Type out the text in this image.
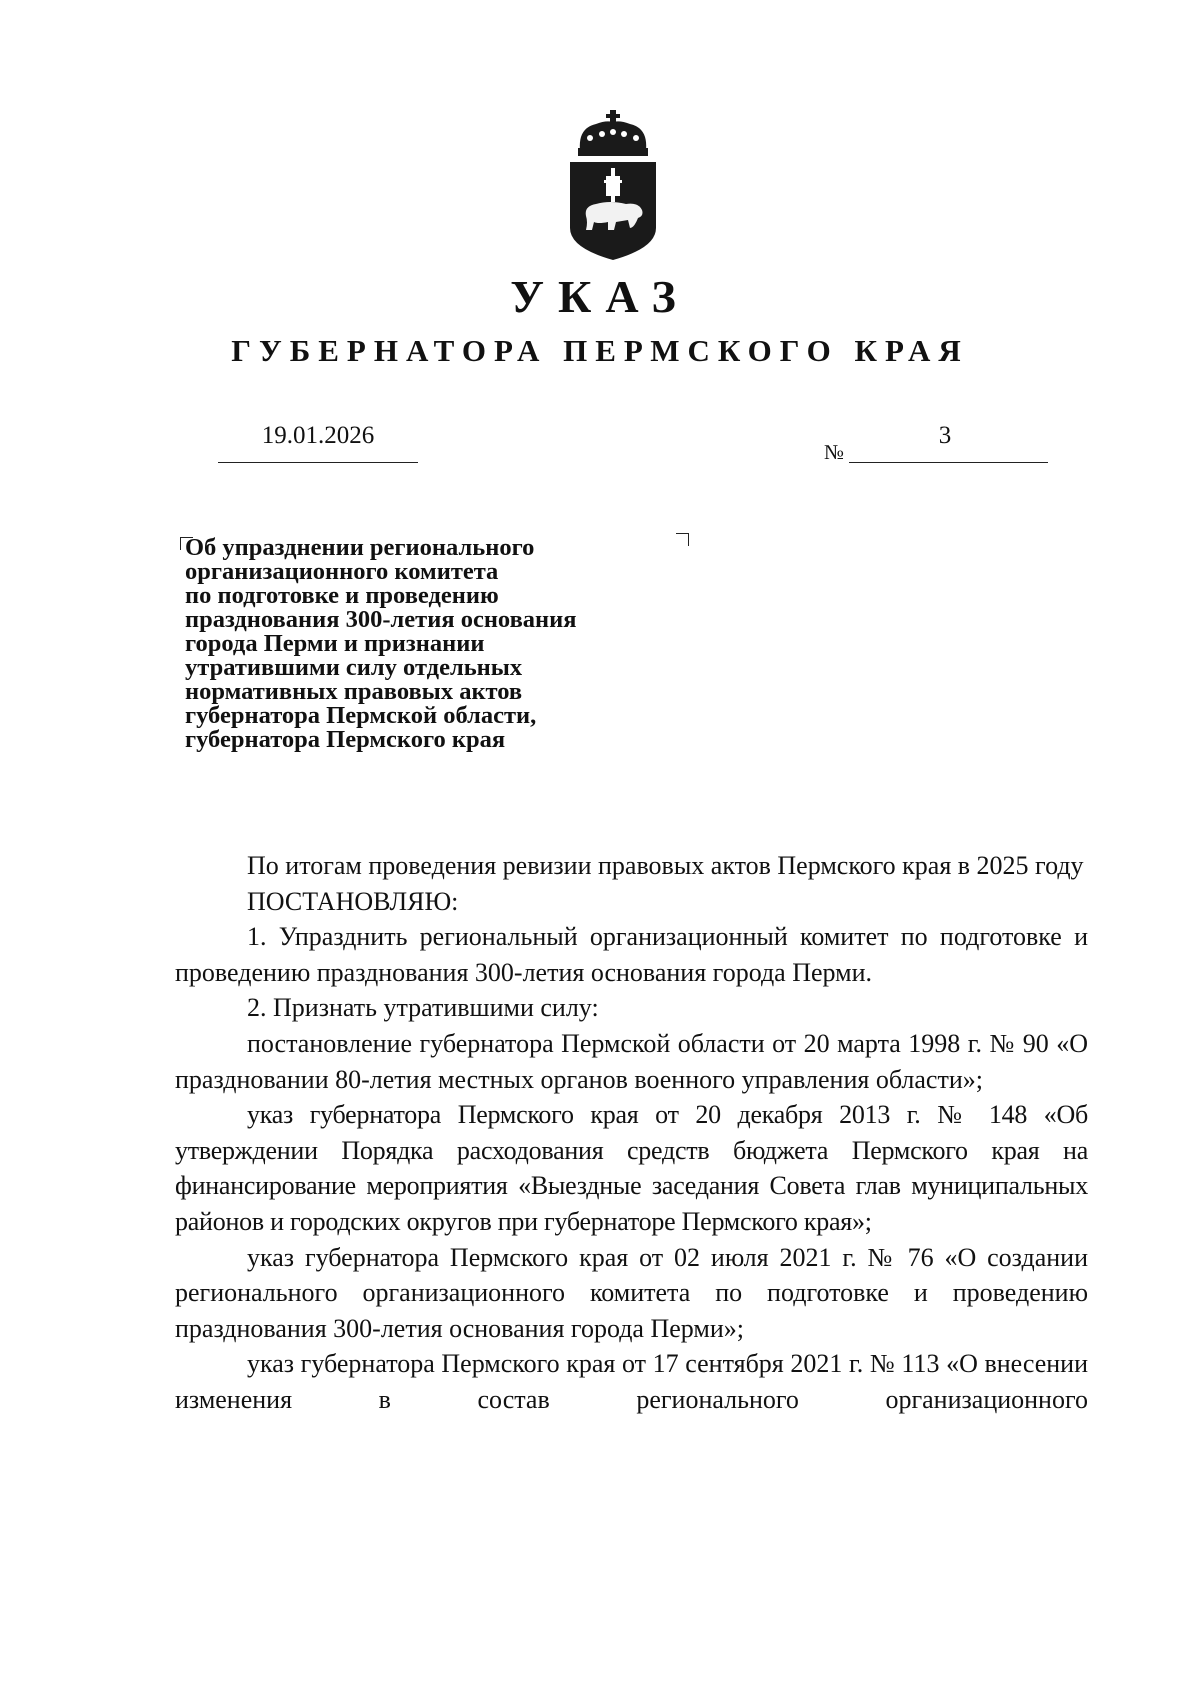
УКАЗ
ГУБЕРНАТОРА ПЕРМСКОГО КРАЯ
19.01.2026
№
3
Об упразднении регионального
организационного комитета
по подготовке и проведению
празднования 300-летия основания
города Перми и признании
утратившими силу отдельных
нормативных правовых актов
губернатора Пермской области,
губернатора Пермского края

По итогам проведения ревизии правовых актов Пермского края в 2025 году

ПОСТАНОВЛЯЮ:

1. Упразднить региональный организационный комитет по подготовке и проведению празднования 300-летия основания города Перми.

2. Признать утратившими силу:

постановление губернатора Пермской области от 20 марта 1998 г. № 90 «О праздновании 80-летия местных органов военного управления области»;

указ губернатора Пермского края от 20 декабря 2013 г. № 148 «Об утверждении Порядка расходования средств бюджета Пермского края на финансирование мероприятия «Выездные заседания Совета глав муниципальных районов и городских округов при губернаторе Пермского края»;

указ губернатора Пермского края от 02 июля 2021 г. № 76 «О создании регионального организационного комитета по подготовке и проведению празднования 300-летия основания города Перми»;

указ губернатора Пермского края от 17 сентября 2021 г. № 113 «О внесении изменения в состав регионального организационного
